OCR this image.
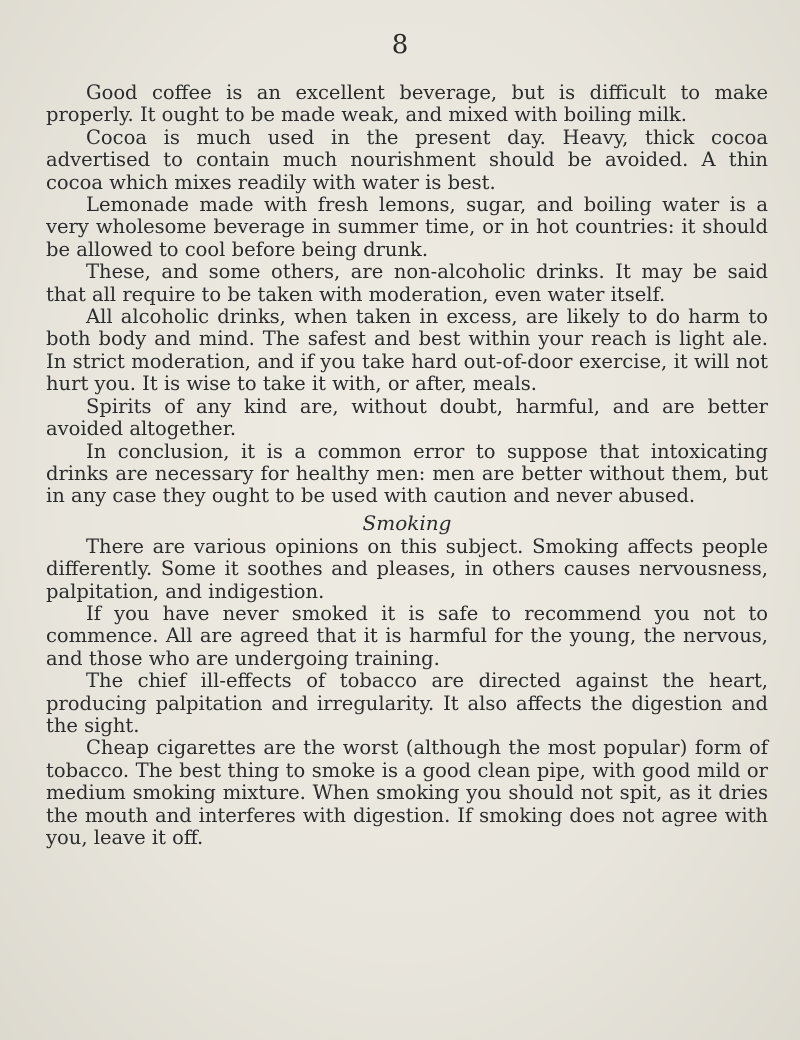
8

Good coffee is an excellent beverage, but is difficult to make properly. It ought to be made weak, and mixed with boiling milk.

Cocoa is much used in the present day. Heavy, thick cocoa advertised to contain much nourishment should be avoided. A thin cocoa which mixes readily with water is best.

Lemonade made with fresh lemons, sugar, and boiling water is a very wholesome beverage in summer time, or in hot countries: it should be allowed to cool before being drunk.

These, and some others, are non-alcoholic drinks. It may be said that all require to be taken with moderation, even water itself.

All alcoholic drinks, when taken in excess, are likely to do harm to both body and mind. The safest and best within your reach is light ale. In strict moderation, and if you take hard out-of-door exercise, it will not hurt you. It is wise to take it with, or after, meals.

Spirits of any kind are, without doubt, harmful, and are better avoided altogether.

In conclusion, it is a common error to suppose that intoxicating drinks are necessary for healthy men: men are better without them, but in any case they ought to be used with caution and never abused.

Smoking

There are various opinions on this subject. Smoking affects people differently. Some it soothes and pleases, in others causes nervousness, palpitation, and indigestion.

If you have never smoked it is safe to recommend you not to commence. All are agreed that it is harmful for the young, the nervous, and those who are undergoing training.

The chief ill-effects of tobacco are directed against the heart, producing palpitation and irregularity. It also affects the digestion and the sight.

Cheap cigarettes are the worst (although the most popular) form of tobacco. The best thing to smoke is a good clean pipe, with good mild or medium smoking mixture. When smoking you should not spit, as it dries the mouth and interferes with digestion. If smoking does not agree with you, leave it off.
